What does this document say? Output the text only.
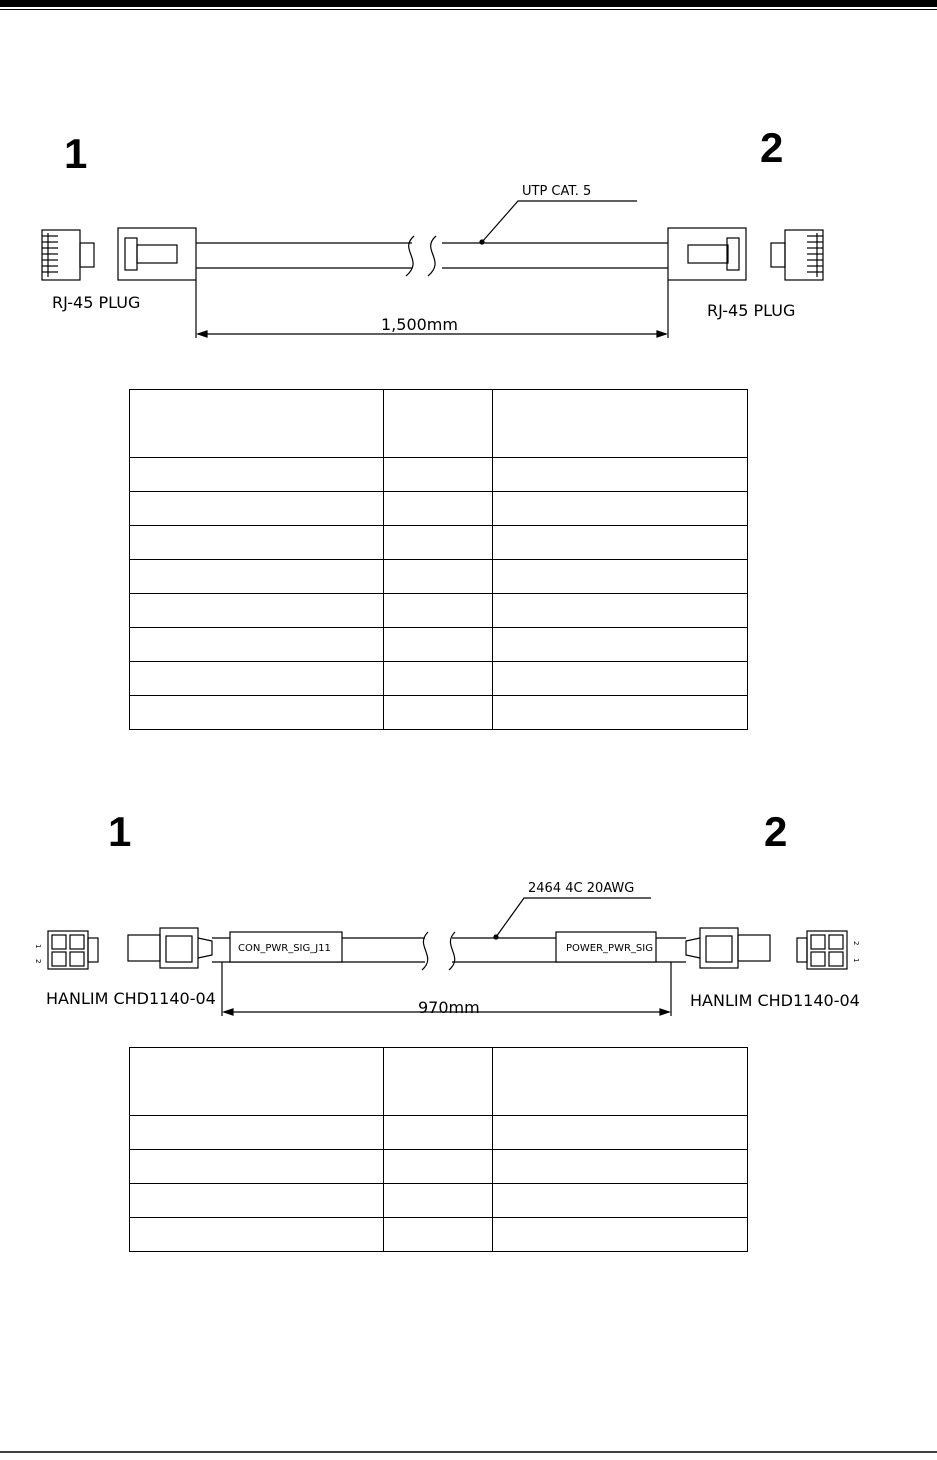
1	2
UTP CAT. 5
RJ-45 PLUG	RJ-45 PLUG
1,500mm
1	2
1
2
2
1
2464 4C 20AWG
CON_PWR_SIG_J11	POWER_PWR_SIG
HANLIM CHD1140-04	HANLIM CHD1140-04
970mm
